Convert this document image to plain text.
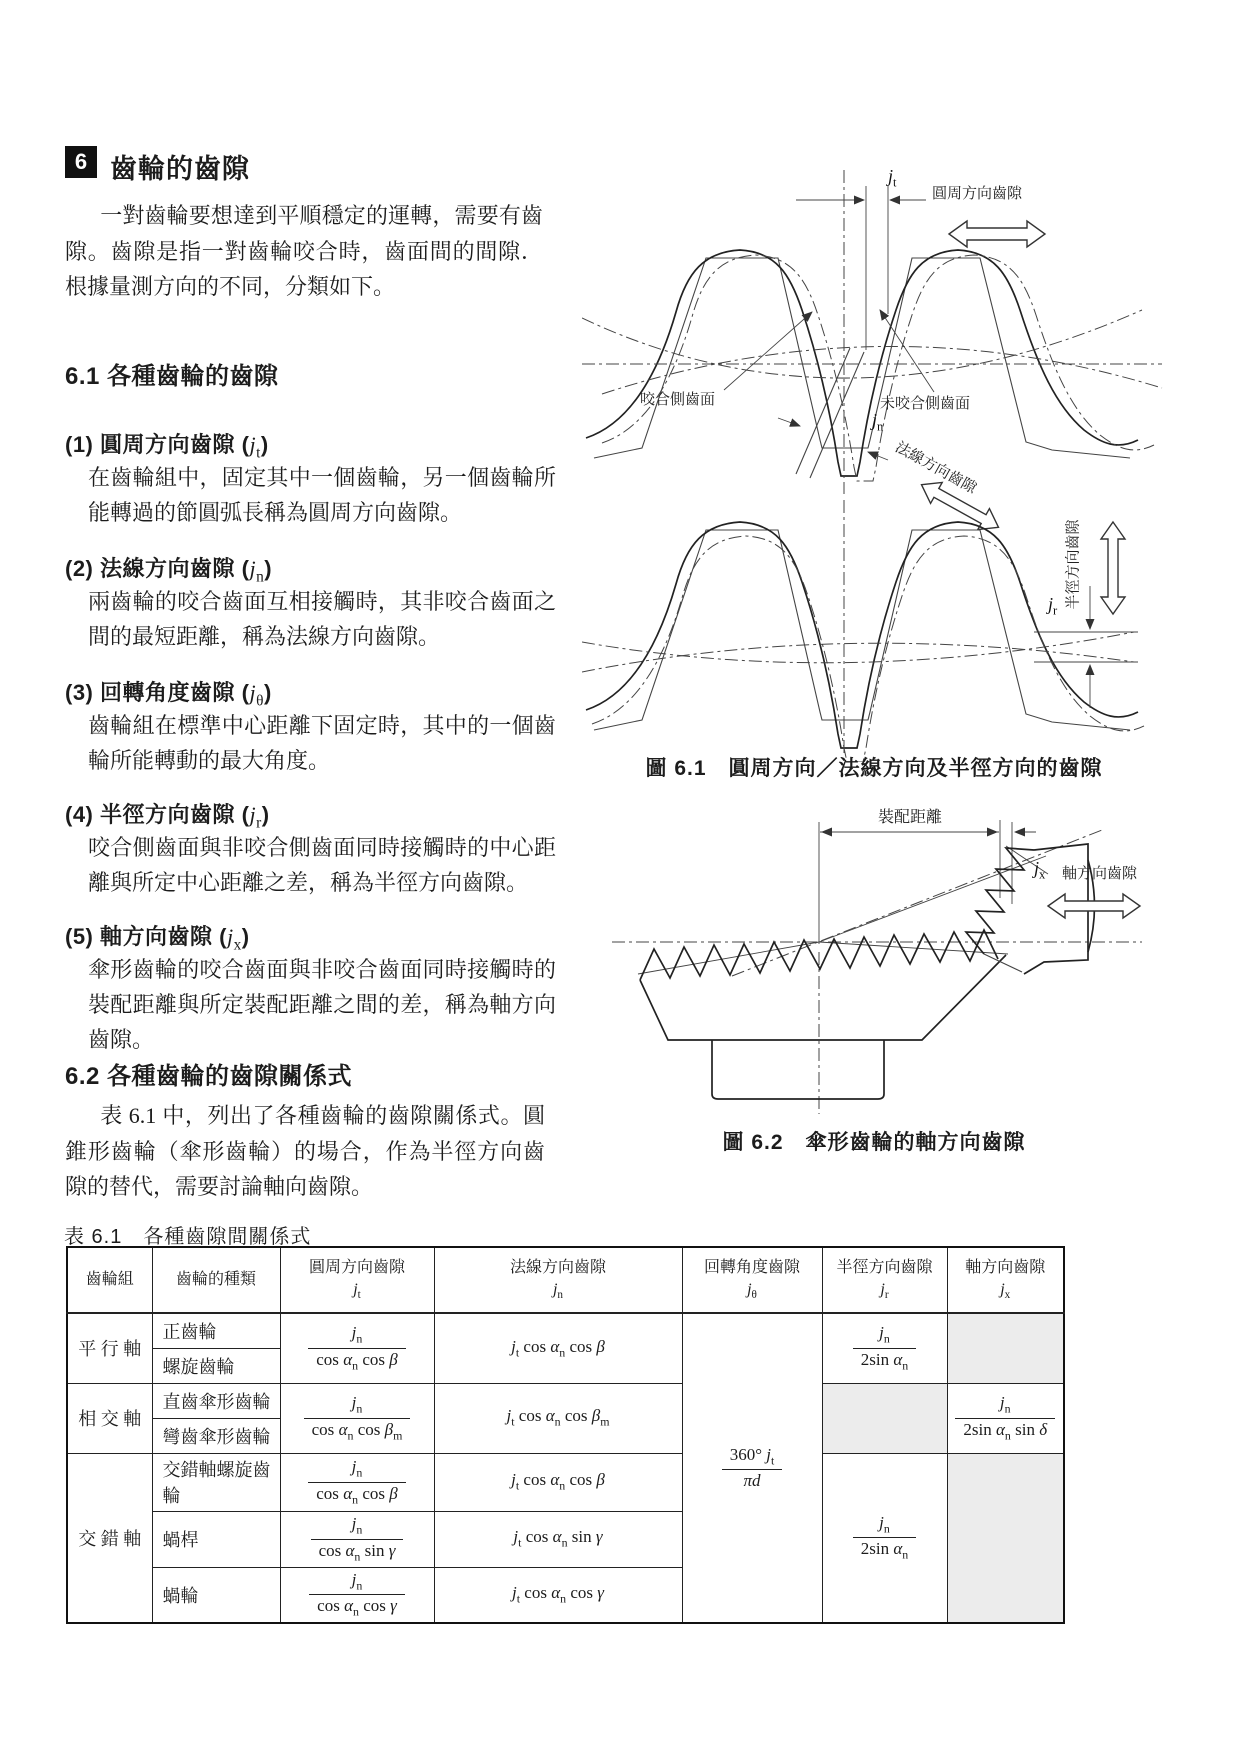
6 齒輪的齒隙
一對齒輪要想達到平順穩定的運轉，需要有齒隙。齒隙是指一對齒輪咬合時，齒面間的間隙．根據量測方向的不同，分類如下。
6.1 各種齒輪的齒隙
(1) 圓周方向齒隙 $(j_t)$
在齒輪組中，固定其中一個齒輪，另一個齒輪所能轉過的節圓弧長稱為圓周方向齒隙。
(2) 法線方向齒隙 $(j_n)$
兩齒輪的咬合齒面互相接觸時，其非咬合齒面之間的最短距離，稱為法線方向齒隙。
(3) 回轉角度齒隙 $(j_\theta)$
齒輪組在標準中心距離下固定時，其中的一個齒輪所能轉動的最大角度。
(4) 半徑方向齒隙 $(j_r)$
咬合側齒面與非咬合側齒面同時接觸時的中心距離與所定中心距離之差，稱為半徑方向齒隙。
(5) 軸方向齒隙 $(j_x)$
傘形齒輪的咬合齒面與非咬合齒面同時接觸時的裝配距離與所定裝配距離之間的差，稱為軸方向齒隙。
6.2 各種齒輪的齒隙關係式
表 6.1 中，列出了各種齒輪的齒隙關係式。圓錐形齒輪（傘形齒輪）的場合，作為半徑方向齒隙的替代，需要討論軸向齒隙。
$j_t$
圓周方向齒隙
咬合側齒面	未咬合側齒面
$j_n$
法線方向齒隙
半徑方向齒隙
$j_r$
圖 6.1　圓周方向／法線方向及半徑方向的齒隙
裝配距離
$j_x$ 軸方向齒隙
圖 6.2　傘形齒輪的軸方向齒隙
表 6.1　各種齒隙間關係式
齒輪組	齒輪的種類	圓周方向齒隙
$j_t$	法線方向齒隙
$j_n$	回轉角度齒隙
$j_\theta$	半徑方向齒隙
$j_r$	軸方向齒隙
$j_x$
平 行 軸	正齒輪	$\frac{j_n}{\cos \alpha_n \cos \beta}$	$j_t$ $\cos \alpha_n$ cos β	$\frac{360^\circ j_t}{\pi d}$	$\frac{j_n}{2\sin \alpha_n}$

	螺旋齒輪					
相 交 軸	直齒傘形齒輪	$\frac{j_n}{\cos \alpha_n \cos \beta_m}$	$j_t$ $\cos \alpha_n$ $\cos \beta_m$			$\frac{j_n}{2\sin \alpha_n \sin \delta}$

	彎齒傘形齒輪					
交 錯 軸	交錯軸螺旋齒輪	$\frac{j_n}{\cos \alpha_n \cos \beta}$	$j_t$ $\cos \alpha_n$ cos β		$\frac{j_n}{2\sin \alpha_n}$

	蝸桿	$\frac{j_n}{\cos \alpha_n \sin \gamma}$	$j_t$ $\cos \alpha_n$ sin γ			
	蝸輪	$\frac{j_n}{\cos \alpha_n \cos \gamma}$	$j_t$ $\cos \alpha_n$ cos γ			
